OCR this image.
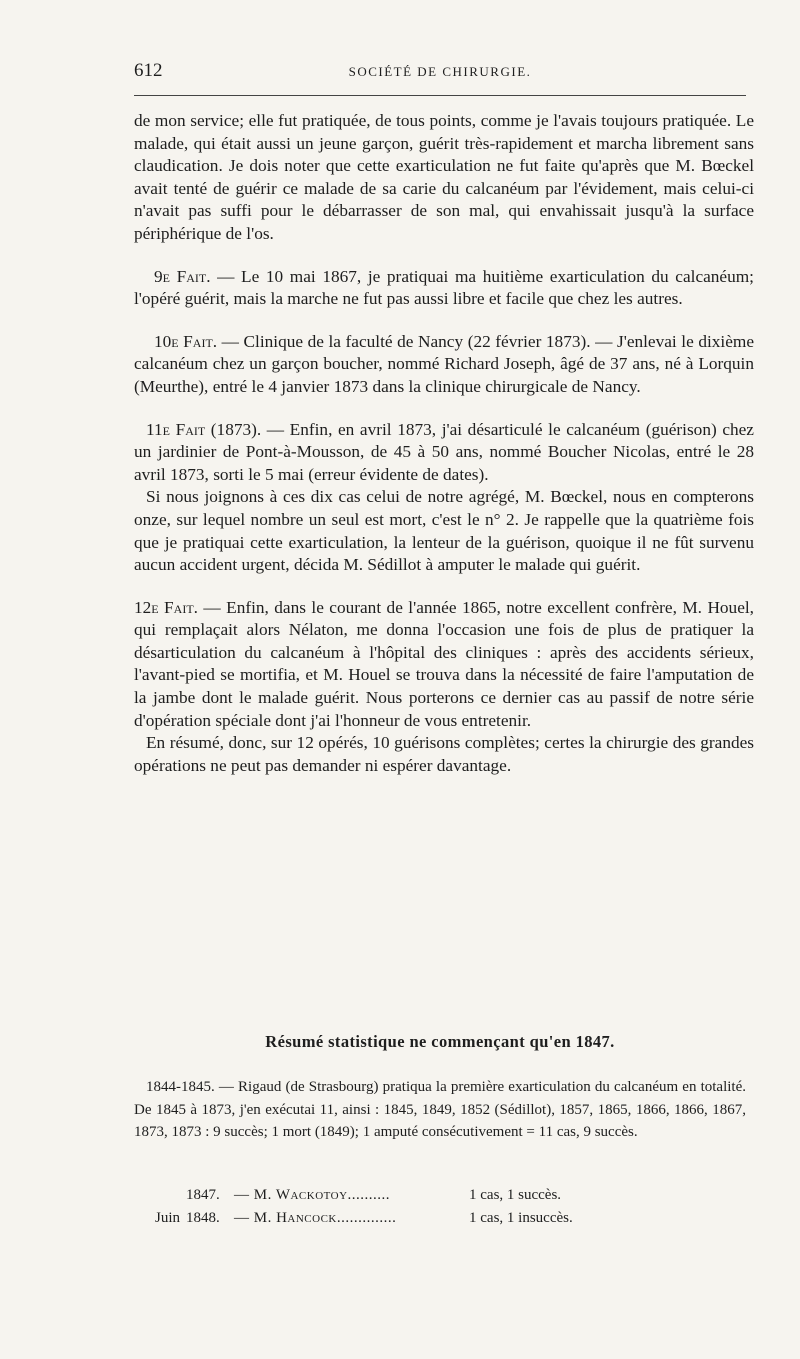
612	SOCIÉTÉ DE CHIRURGIE.

de mon service; elle fut pratiquée, de tous points, comme je l'avais toujours pratiquée. Le malade, qui était aussi un jeune garçon, guérit très-rapidement et marcha librement sans claudication. Je dois noter que cette exarticulation ne fut faite qu'après que M. Bœckel avait tenté de guérir ce malade de sa carie du calcanéum par l'évidement, mais celui-ci n'avait pas suffi pour le débarrasser de son mal, qui envahissait jusqu'à la surface périphérique de l'os.

9e Fait. — Le 10 mai 1867, je pratiquai ma huitième exarticulation du calcanéum; l'opéré guérit, mais la marche ne fut pas aussi libre et facile que chez les autres.

10e Fait. — Clinique de la faculté de Nancy (22 février 1873). — J'enlevai le dixième calcanéum chez un garçon boucher, nommé Richard Joseph, âgé de 37 ans, né à Lorquin (Meurthe), entré le 4 janvier 1873 dans la clinique chirurgicale de Nancy.

11e Fait (1873). — Enfin, en avril 1873, j'ai désarticulé le calcanéum (guérison) chez un jardinier de Pont-à-Mousson, de 45 à 50 ans, nommé Boucher Nicolas, entré le 28 avril 1873, sorti le 5 mai (erreur évidente de dates).

Si nous joignons à ces dix cas celui de notre agrégé, M. Bœckel, nous en compterons onze, sur lequel nombre un seul est mort, c'est le n° 2. Je rappelle que la quatrième fois que je pratiquai cette exarticulation, la lenteur de la guérison, quoique il ne fût survenu aucun accident urgent, décida M. Sédillot à amputer le malade qui guérit.

12e Fait. — Enfin, dans le courant de l'année 1865, notre excellent confrère, M. Houel, qui remplaçait alors Nélaton, me donna l'occasion une fois de plus de pratiquer la désarticulation du calcanéum à l'hôpital des cliniques : après des accidents sérieux, l'avant-pied se mortifia, et M. Houel se trouva dans la nécessité de faire l'amputation de la jambe dont le malade guérit. Nous porterons ce dernier cas au passif de notre série d'opération spéciale dont j'ai l'honneur de vous entretenir.

En résumé, donc, sur 12 opérés, 10 guérisons complètes; certes la chirurgie des grandes opérations ne peut pas demander ni espérer davantage.

Résumé statistique ne commençant qu'en 1847.

1844-1845. — Rigaud (de Strasbourg) pratiqua la première exarticulation du calcanéum en totalité. De 1845 à 1873, j'en exécutai 11, ainsi : 1845, 1849, 1852 (Sédillot), 1857, 1865, 1866, 1866, 1867, 1873, 1873 : 9 succès; 1 mort (1849); 1 amputé consécutivement = 11 cas, 9 succès.

1847. — M. Wackotoy..........	1 cas, 1 succès.
Juin 1848. — M. Hancock..............	1 cas, 1 insuccès.
